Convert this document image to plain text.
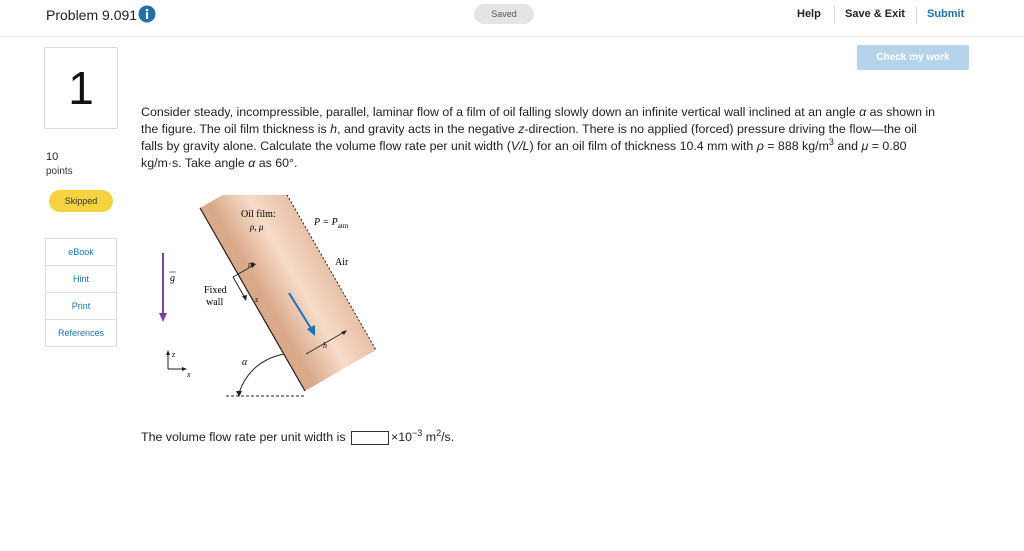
Problem 9.091	Saved	Help Save & Exit Submit
Check my work
1
10
points
Skipped
eBook
Hint
Print
References
Consider steady, incompressible, parallel, laminar flow of a film of oil falling slowly down an infinite vertical wall inclined at an angle α as shown in the figure. The oil film thickness is h, and gravity acts in the negative z-direction. There is no applied (forced) pressure driving the flow—the oil falls by gravity alone. Calculate the volume flow rate per unit width (V/L) for an oil film of thickness 10.4 mm with ρ = 888 $kg/m^3$ and μ = 0.80 kg/m·s. Take angle α as 60°.
α
g
z
x
Fixed
wall
n
s
h
Oil film:
ρ, μ	$P = P_{atm}$
Air
The volume flow rate per unit width is	$\times 10^{-3}$ $m^2/s$.
